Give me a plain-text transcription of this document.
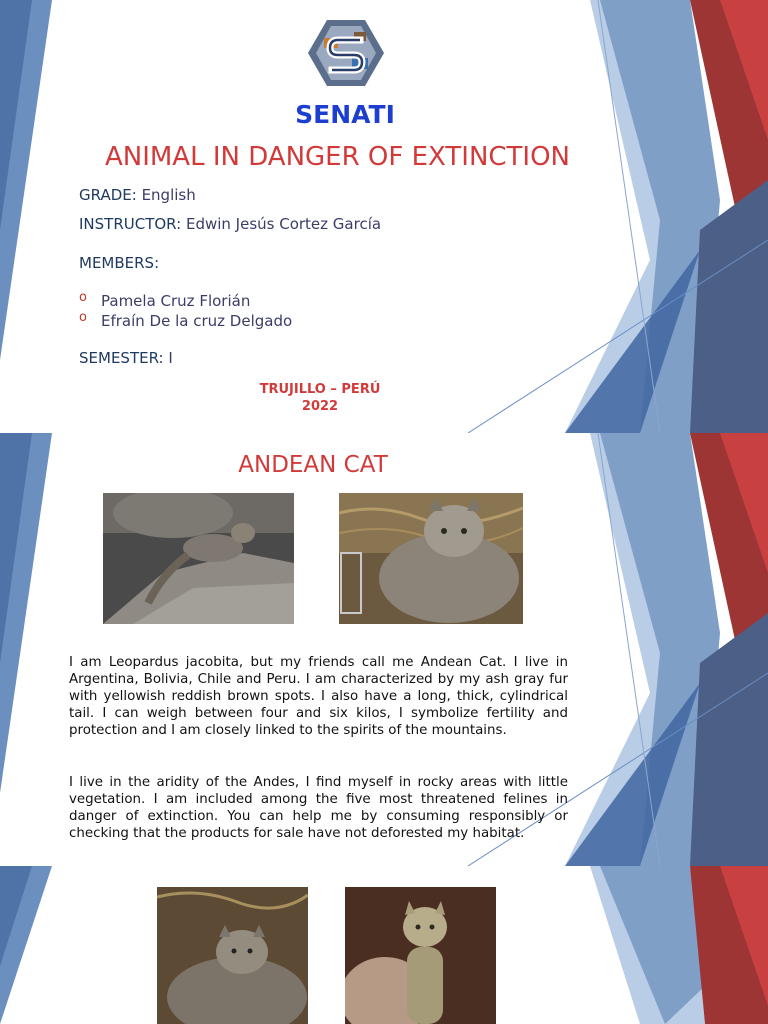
SENATI
ANIMAL IN DANGER OF EXTINCTION
GRADE: English
INSTRUCTOR: Edwin Jesús Cortez García
MEMBERS:
o Pamela Cruz Florián
o Efraín De la cruz Delgado
SEMESTER: I
TRUJILLO – PERÚ
2022
ANDEAN CAT

I am Leopardus jacobita, but my friends call me Andean Cat. I live in Argentina, Bolivia, Chile and Peru. I am characterized by my ash gray fur with yellowish reddish brown spots. I also have a long, thick, cylindrical tail. I can weigh between four and six kilos, I symbolize fertility and protection and I am closely linked to the spirits of the mountains.

I live in the aridity of the Andes, I find myself in rocky areas with little vegetation. I am included among the five most threatened felines in danger of extinction. You can help me by consuming responsibly or checking that the products for sale have not deforested my habitat.
